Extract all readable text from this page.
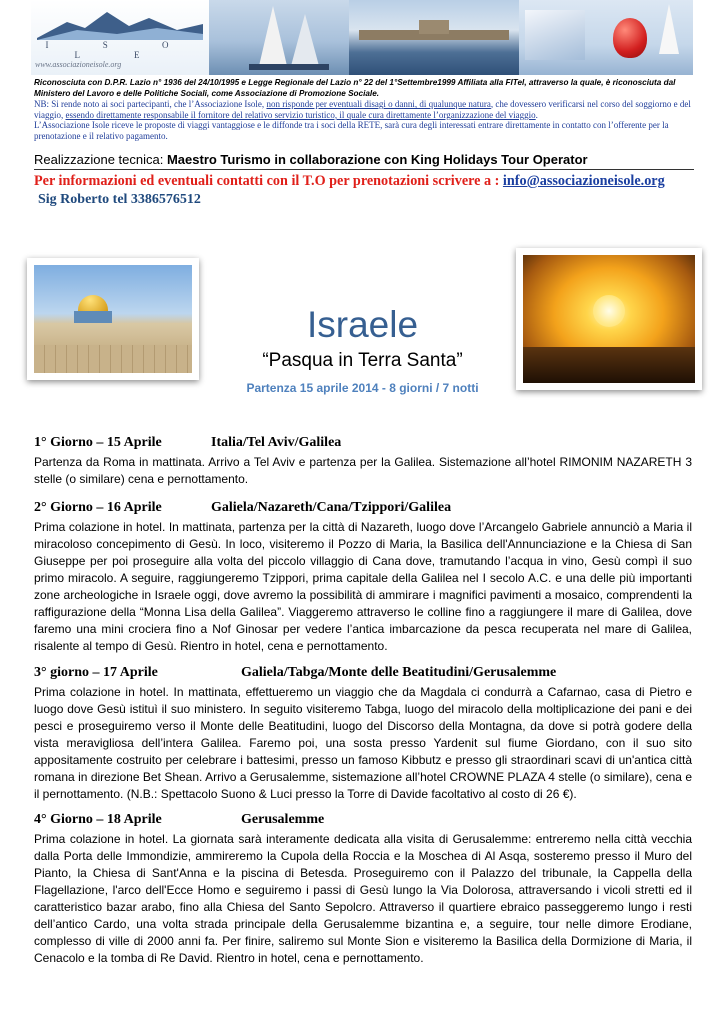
I S O L E
www.associazioneisole.org
Riconosciuta con D.P.R. Lazio n° 1936 del 24/10/1995 e Legge Regionale del Lazio n° 22 del 1°Settembre1999 Affiliata alla FITel, attraverso la quale, è riconosciuta dal Ministero del Lavoro e delle Politiche Sociali, come Associazione di Promozione Sociale.
NB: Si rende noto ai soci partecipanti, che l’Associazione Isole, non risponde per eventuali disagi o danni, di qualunque natura, che dovessero verificarsi nel corso del soggiorno e del viaggio, essendo direttamente responsabile il fornitore del relativo servizio turistico, il quale cura direttamente l’organizzazione del viaggio.
L’Associazione Isole riceve le proposte di viaggi vantaggiose e le diffonde tra i soci della RETE, sarà cura degli interessati entrare direttamente in contatto con l’offerente per la prenotazione e il relativo pagamento.
Realizzazione tecnica: Maestro Turismo in collaborazione con King Holidays Tour Operator
Per informazioni ed eventuali contatti con il T.O per prenotazioni scrivere a : info@associazioneisole.org
Sig Roberto tel 3386576512
Israele
“Pasqua in Terra Santa”
Partenza 15 aprile 2014 - 8 giorni / 7 notti
1° Giorno – 15 Aprile	Italia/Tel Aviv/Galilea

Partenza da Roma in mattinata. Arrivo a Tel Aviv e partenza per la Galilea. Sistemazione all’hotel RIMONIM NAZARETH 3 stelle (o similare) cena e pernottamento.

2° Giorno – 16 Aprile	Galiela/Nazareth/Cana/Tzippori/Galilea

Prima colazione in hotel. In mattinata, partenza per la città di Nazareth, luogo dove l’Arcangelo Gabriele annunciò a Maria il miracoloso concepimento di Gesù. In loco, visiteremo il Pozzo di Maria, la Basilica dell'Annunciazione e la Chiesa di San Giuseppe per poi proseguire alla volta del piccolo villaggio di Cana dove, tramutando l’acqua in vino, Gesù compì il suo primo miracolo. A seguire, raggiungeremo Tzippori, prima capitale della Galilea nel I secolo A.C. e una delle più importanti zone archeologiche in Israele oggi, dove avremo la possibilità di ammirare i magnifici pavimenti a mosaico, comprendenti la raffigurazione della “Monna Lisa della Galilea”. Viaggeremo attraverso le colline fino a raggiungere il mare di Galilea, dove faremo una mini crociera fino a Nof Ginosar per vedere l’antica imbarcazione da pesca recuperata nel mare di Galilea, risalente al tempo di Gesù. Rientro in hotel, cena e pernottamento.

3° giorno – 17 Aprile	Galiela/Tabga/Monte delle Beatitudini/Gerusalemme

Prima colazione in hotel. In mattinata, effettueremo un viaggio che da Magdala ci condurrà a Cafarnao, casa di Pietro e luogo dove Gesù istituì il suo ministero. In seguito visiteremo Tabga, luogo del miracolo della moltiplicazione dei pani e dei pesci e proseguiremo verso il Monte delle Beatitudini, luogo del Discorso della Montagna, da dove si potrà godere della vista meravigliosa dell’intera Galilea. Faremo poi, una sosta presso Yardenit sul fiume Giordano, con il suo sito appositamente costruito per celebrare i battesimi, presso un famoso Kibbutz e presso gli straordinari scavi di un'antica città romana in direzione Bet Shean. Arrivo a Gerusalemme, sistemazione all’hotel CROWNE PLAZA 4 stelle (o similare), cena e il pernottamento. (N.B.: Spettacolo Suono & Luci presso la Torre di Davide facoltativo al costo di 26 €).

4° Giorno – 18 Aprile	Gerusalemme

Prima colazione in hotel. La giornata sarà interamente dedicata alla visita di Gerusalemme: entreremo nella città vecchia dalla Porta delle Immondizie, ammireremo la Cupola della Roccia e la Moschea di Al Asqa, sosteremo presso il Muro del Pianto, la Chiesa di Sant'Anna e la piscina di Betesda. Proseguiremo con il Palazzo del tribunale, la Cappella della Flagellazione, l'arco dell'Ecce Homo e seguiremo i passi di Gesù lungo la Via Dolorosa, attraversando i vicoli stretti ed il caratteristico bazar arabo, fino alla Chiesa del Santo Sepolcro. Attraverso il quartiere ebraico passeggeremo lungo i resti dell’antico Cardo, una volta strada principale della Gerusalemme bizantina e, a seguire, tour nelle dimore Erodiane, complesso di ville di 2000 anni fa. Per finire, saliremo sul Monte Sion e visiteremo la Basilica della Dormizione di Maria, il Cenacolo e la tomba di Re David. Rientro in hotel, cena e pernottamento.
